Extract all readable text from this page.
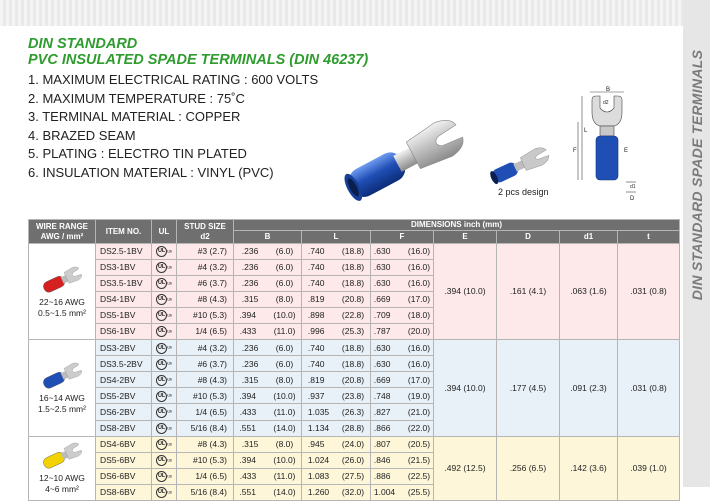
DIN STANDARD SPADE TERMINALS
DIN STANDARD
PVC INSULATED SPADE TERMINALS (DIN 46237)
1. MAXIMUM ELECTRICAL RATING : 600 VOLTS
2. MAXIMUM TEMPERATURE : 75˚C
3. TERMINAL MATERIAL : COPPER
4. BRAZED SEAM
5. PLATING : ELECTRO TIN PLATED
6. INSULATION MATERIAL : VINYL (PVC)
2 pcs design
B
d2
L
F	E
d1
D
WIRE RANGE
AWG / mm²	ITEM NO.	UL	STUD SIZE
d2	DIMENSIONS inch (mm)						
				B	L	F	E	D	d1	t

22~16 AWG
0.5~1.5 mm²	DS2.5-1BV	UL us	#3 (2.7)	.236 (6.0)	.740 (18.8)	.630 (16.0)	.394 (10.0)	.161 (4.1)	.063 (1.6)	.031 (0.8)
	DS3-1BV	UL us	#4 (3.2)	.236 (6.0)	.740 (18.8)	.630 (16.0)				
	DS3.5-1BV	UL us	#6 (3.7)	.236 (6.0)	.740 (18.8)	.630 (16.0)				
	DS4-1BV	UL us	#8 (4.3)	.315 (8.0)	.819 (20.8)	.669 (17.0)				
	DS5-1BV	UL us	#10 (5.3)	.394 (10.0)	.898 (22.8)	.709 (18.0)				
	DS6-1BV	UL us	1/4 (6.5)	.433 (11.0)	.996 (25.3)	.787 (20.0)				

16~14 AWG
1.5~2.5 mm²	DS3-2BV	UL us	#4 (3.2)	.236 (6.0)	.740 (18.8)	.630 (16.0)	.394 (10.0)	.177 (4.5)	.091 (2.3)	.031 (0.8)
	DS3.5-2BV	UL us	#6 (3.7)	.236 (6.0)	.740 (18.8)	.630 (16.0)				
	DS4-2BV	UL us	#8 (4.3)	.315 (8.0)	.819 (20.8)	.669 (17.0)				
	DS5-2BV	UL us	#10 (5.3)	.394 (10.0)	.937 (23.8)	.748 (19.0)				
	DS6-2BV	UL us	1/4 (6.5)	.433 (11.0)	1.035 (26.3)	.827 (21.0)				
	DS8-2BV	UL us	5/16 (8.4)	.551 (14.0)	1.134 (28.8)	.866 (22.0)				

12~10 AWG
4~6 mm²	DS4-6BV	UL us	#8 (4.3)	.315 (8.0)	.945 (24.0)	.807 (20.5)	.492 (12.5)	.256 (6.5)	.142 (3.6)	.039 (1.0)
	DS5-6BV	UL us	#10 (5.3)	.394 (10.0)	1.024 (26.0)	.846 (21.5)				
	DS6-6BV	UL us	1/4 (6.5)	.433 (11.0)	1.083 (27.5)	.886 (22.5)				
	DS8-6BV	UL us	5/16 (8.4)	.551 (14.0)	1.260 (32.0)	1.004 (25.5)				
